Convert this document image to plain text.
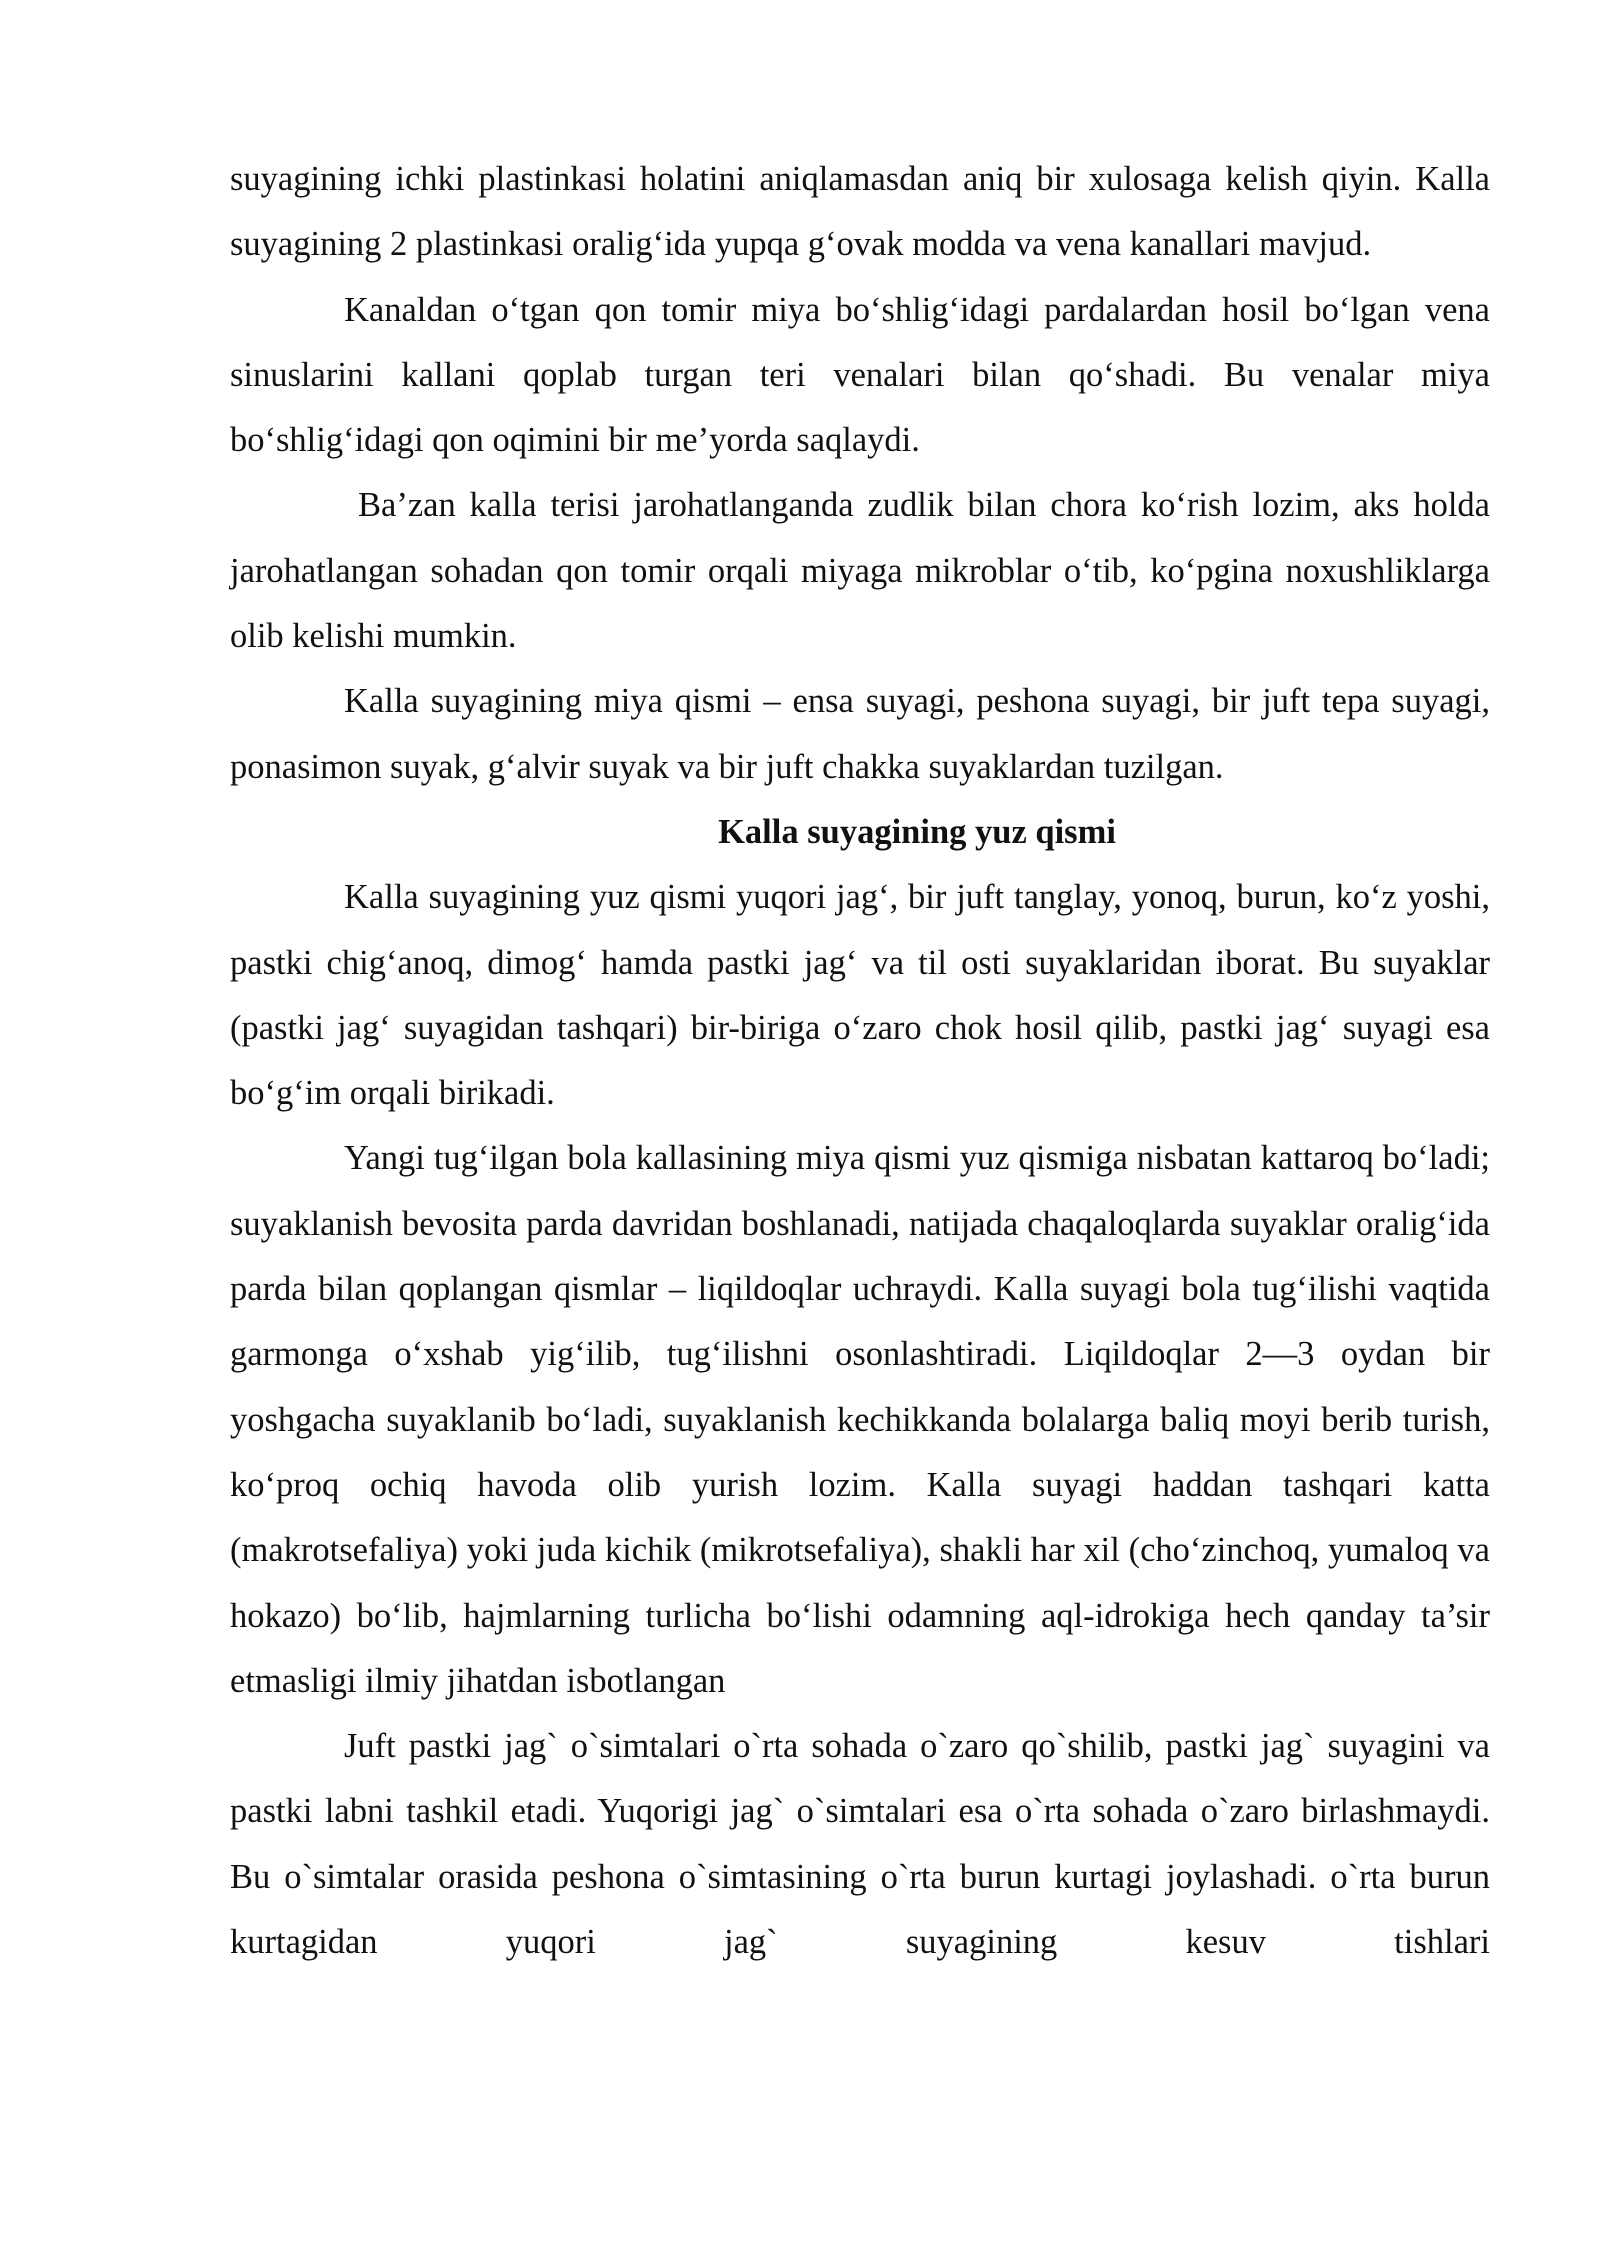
suyagining ichki plastinkasi holatini aniqlamasdan aniq bir xulosaga kelish qiyin. Kalla suyagining 2 plastinkasi oralig‘ida yupqa g‘ovak modda va vena kanallari mavjud.

Kanaldan o‘tgan qon tomir miya bo‘shlig‘idagi pardalardan hosil bo‘lgan vena sinuslarini kallani qoplab turgan teri venalari bilan qo‘shadi. Bu venalar miya bo‘shlig‘idagi qon oqimini bir me’yorda saqlaydi.

Ba’zan kalla terisi jarohatlanganda zudlik bilan chora ko‘rish lozim, aks holda jarohatlangan sohadan qon tomir orqali miyaga mikroblar o‘tib, ko‘pgina noxushliklarga olib kelishi mumkin.

Kalla suyagining miya qismi – ensa suyagi, peshona suyagi, bir juft tepa suyagi, ponasimon suyak, g‘alvir suyak va bir juft chakka suyaklardan tuzilgan.

Kalla suyagining yuz qismi

Kalla suyagining yuz qismi yuqori jag‘, bir juft tanglay, yonoq, burun, ko‘z yoshi, pastki chig‘anoq, dimog‘ hamda pastki jag‘ va til osti suyaklaridan iborat. Bu suyaklar (pastki jag‘ suyagidan tashqari) bir-biriga o‘zaro chok hosil qilib, pastki jag‘ suyagi esa bo‘g‘im orqali birikadi.

Yangi tug‘ilgan bola kallasining miya qismi yuz qismiga nisbatan kattaroq bo‘ladi; suyaklanish bevosita parda davridan boshlanadi, natijada chaqaloqlarda suyaklar oralig‘ida parda bilan qoplangan qismlar – liqildoqlar uchraydi. Kalla suyagi bola tug‘ilishi vaqtida garmonga o‘xshab yig‘ilib, tug‘ilishni osonlashtiradi. Liqildoqlar 2—3 oydan bir yoshgacha suyaklanib bo‘ladi, suyaklanish kechikkanda bolalarga baliq moyi berib turish, ko‘proq ochiq havoda olib yurish lozim. Kalla suyagi haddan tashqari katta (makrotsefaliya) yoki juda kichik (mikrotsefaliya), shakli har xil (cho‘zinchoq, yumaloq va hokazo) bo‘lib, hajmlarning turlicha bo‘lishi odamning aql-idrokiga hech qanday ta’sir etmasligi ilmiy jihatdan isbotlangan

Juft pastki jag` o`simtalari o`rta sohada o`zaro qo`shilib, pastki jag` suyagini va pastki labni tashkil etadi. Yuqorigi jag` o`simtalari esa o`rta sohada o`zaro birlashmaydi. Bu o`simtalar orasida peshona o`simtasining o`rta burun kurtagi joylashadi. o`rta burun kurtagidan yuqori jag` suyagining kesuv tishlari
